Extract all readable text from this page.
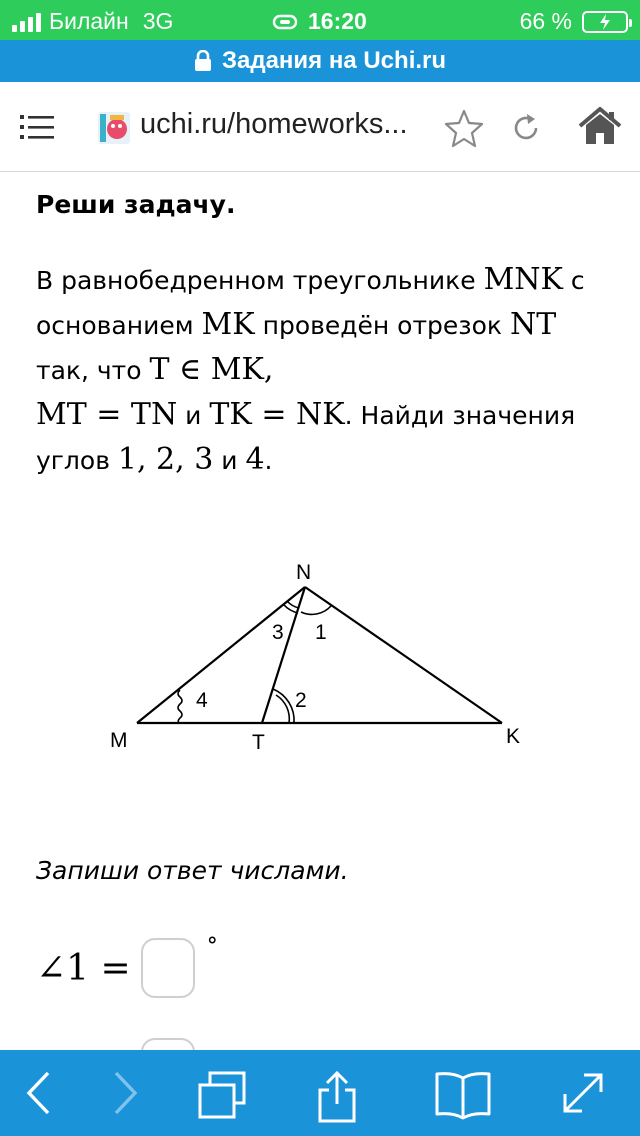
Билайн 3G	16:20	66 %
Задания на Uchi.ru
uchi.ru/homeworks...
Реши задачу.
В равнобедренном треугольнике MNK с основанием MK проведён отрезок NT так, что T ∈ MK,
MT = TN и TK = NK. Найди значения углов 1, 2, 3 и 4.
N
M	T	K
1
3
2
4
Запиши ответ числами.
∠1 =
°
